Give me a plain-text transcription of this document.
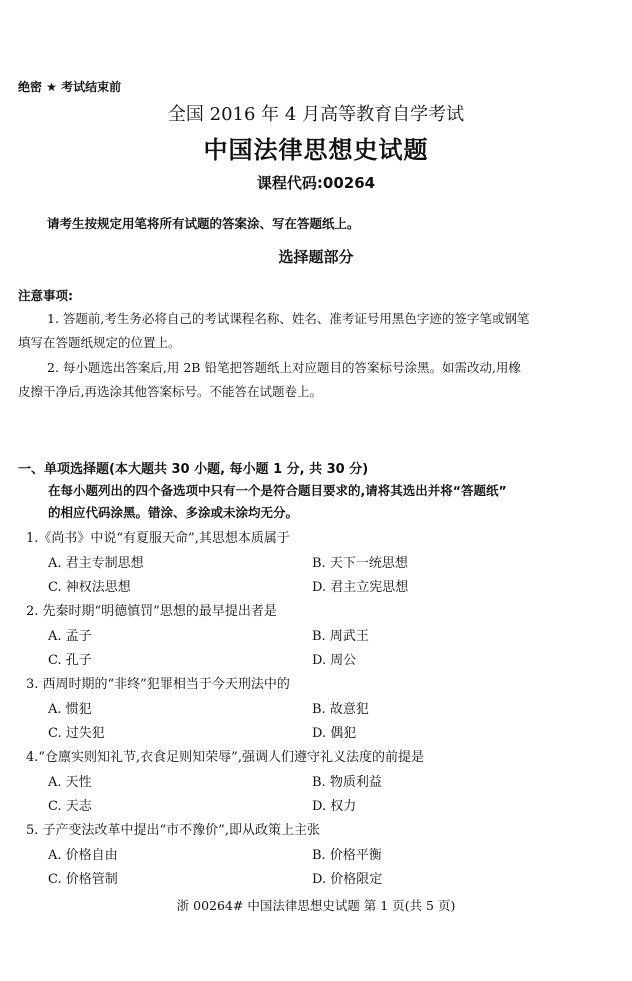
绝密 ★ 考试结束前
全国 2016 年 4 月高等教育自学考试
中国法律思想史试题
课程代码:00264
请考生按规定用笔将所有试题的答案涂、写在答题纸上。
选择题部分
注意事项:
1. 答题前,考生务必将自己的考试课程名称、姓名、准考证号用黑色字迹的签字笔或钢笔
填写在答题纸规定的位置上。
2. 每小题选出答案后,用 2B 铅笔把答题纸上对应题目的答案标号涂黑。如需改动,用橡
皮擦干净后,再选涂其他答案标号。不能答在试题卷上。
一、单项选择题(本大题共 30 小题, 每小题 1 分, 共 30 分)
在每小题列出的四个备选项中只有一个是符合题目要求的,请将其选出并将“答题纸”
的相应代码涂黑。错涂、多涂或未涂均无分。
1.《尚书》中说“有夏服天命”,其思想本质属于
A. 君主专制思想	B. 天下一统思想
C. 神权法思想	D. 君主立宪思想
2. 先秦时期“明德慎罚”思想的最早提出者是
A. 孟子	B. 周武王
C. 孔子	D. 周公
3. 西周时期的“非终”犯罪相当于今天刑法中的
A. 惯犯	B. 故意犯
C. 过失犯	D. 偶犯
4.“仓廪实则知礼节,衣食足则知荣辱”,强调人们遵守礼义法度的前提是
A. 天性	B. 物质利益
C. 天志	D. 权力
5. 子产变法改革中提出“市不豫价”,即从政策上主张
A. 价格自由	B. 价格平衡
C. 价格管制	D. 价格限定
浙 00264# 中国法律思想史试题 第 1 页(共 5 页)
